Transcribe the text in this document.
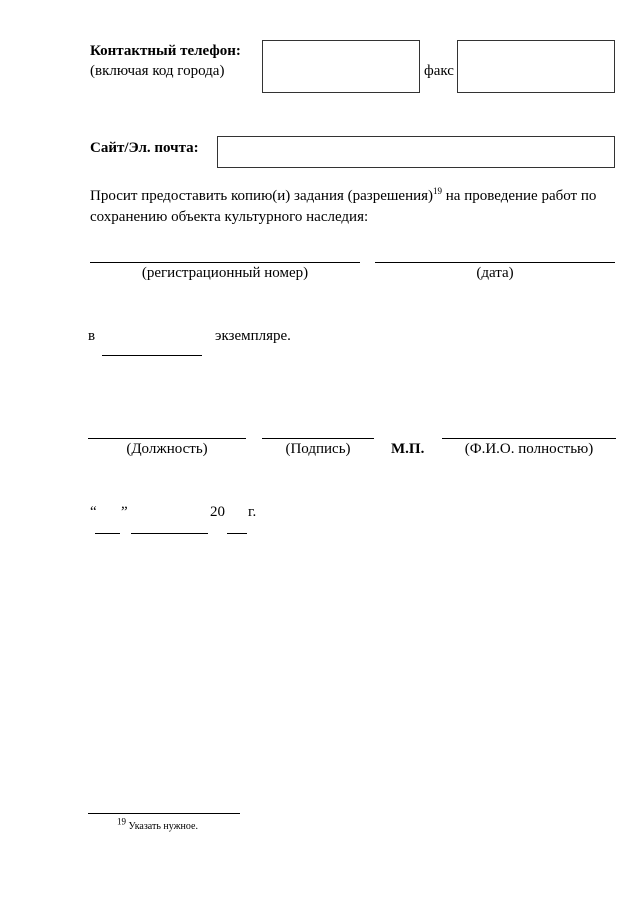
Контактный телефон:
(включая код города)	факс
Сайт/Эл. почта:
Просит предоставить копию(и) задания (разрешения)$^{19}$ на проведение работ по
сохранению объекта культурного наследия:
(регистрационный номер)	(дата)
в	экземпляре.
(Должность)	(Подпись)	М.П.	(Ф.И.О. полностью)
“ ”	20 г.
$^{19}$ Указать нужное.
